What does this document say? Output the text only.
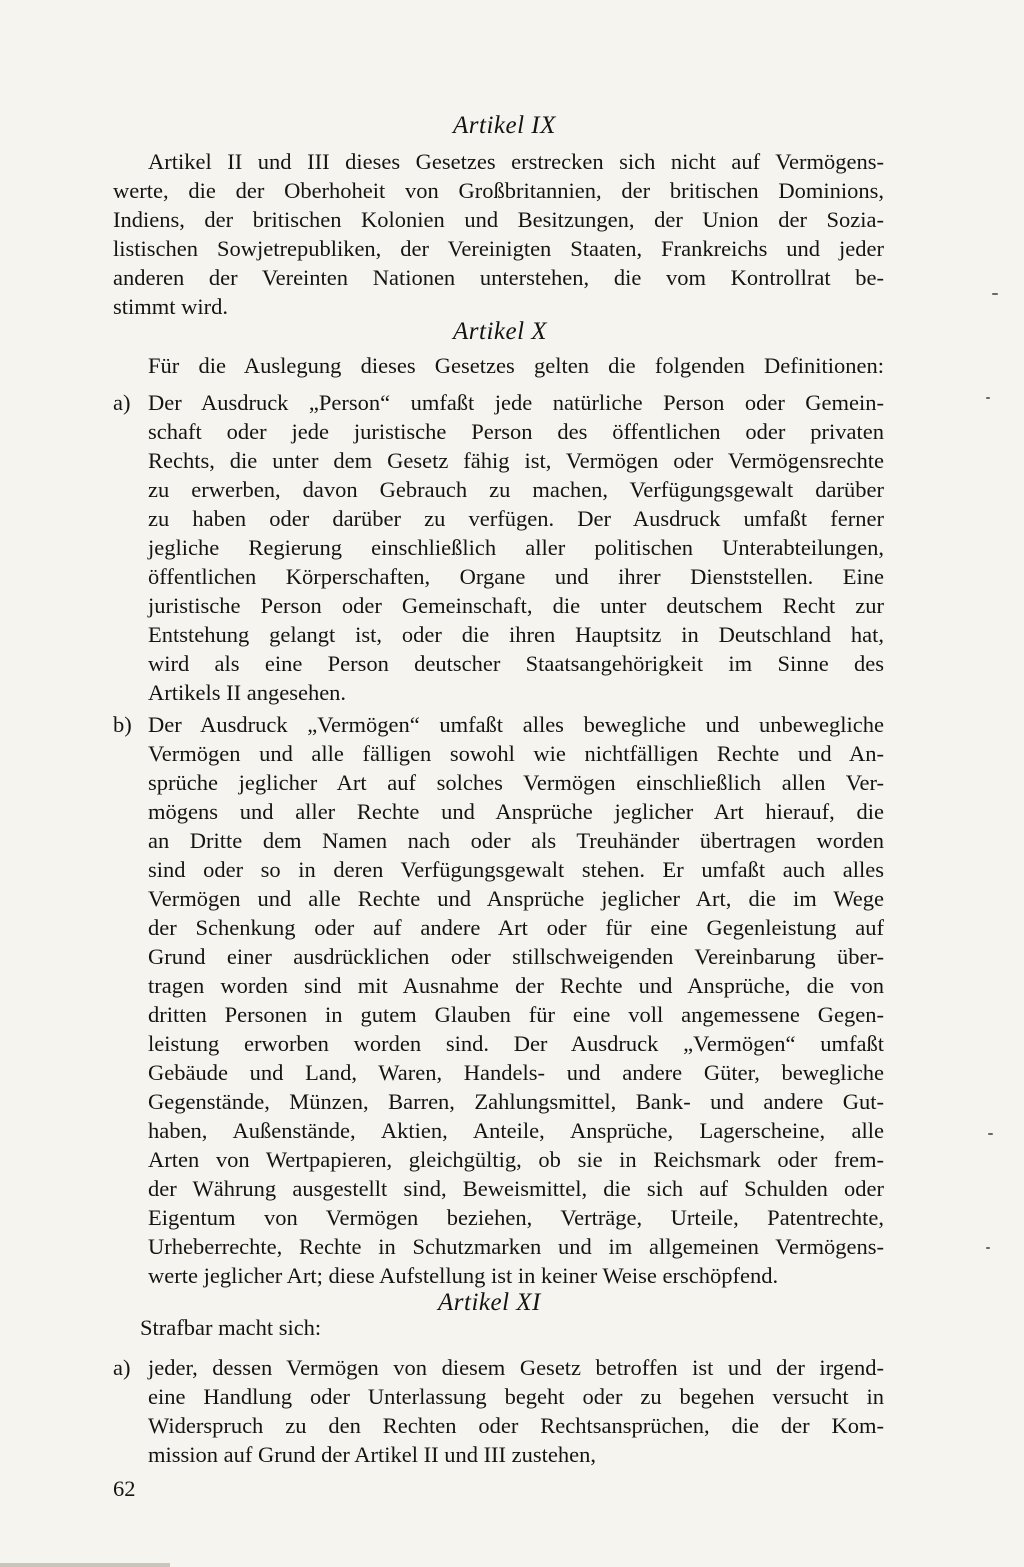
Artikel IX
Artikel II und III dieses Gesetzes erstrecken sich nicht auf Vermögens-
werte, die der Oberhoheit von Großbritannien, der britischen Dominions,
Indiens, der britischen Kolonien und Besitzungen, der Union der Sozia-
listischen Sowjetrepubliken, der Vereinigten Staaten, Frankreichs und jeder
anderen der Vereinten Nationen unterstehen, die vom Kontrollrat be-
stimmt wird.
Artikel X
Für die Auslegung dieses Gesetzes gelten die folgenden Definitionen:
a) Der Ausdruck „Person“ umfaßt jede natürliche Person oder Gemein-
schaft oder jede juristische Person des öffentlichen oder privaten
Rechts, die unter dem Gesetz fähig ist, Vermögen oder Vermögensrechte
zu erwerben, davon Gebrauch zu machen, Verfügungsgewalt darüber
zu haben oder darüber zu verfügen. Der Ausdruck umfaßt ferner
jegliche Regierung einschließlich aller politischen Unterabteilungen,
öffentlichen Körperschaften, Organe und ihrer Dienststellen. Eine
juristische Person oder Gemeinschaft, die unter deutschem Recht zur
Entstehung gelangt ist, oder die ihren Hauptsitz in Deutschland hat,
wird als eine Person deutscher Staatsangehörigkeit im Sinne des
Artikels II angesehen.
b) Der Ausdruck „Vermögen“ umfaßt alles bewegliche und unbewegliche
Vermögen und alle fälligen sowohl wie nichtfälligen Rechte und An-
sprüche jeglicher Art auf solches Vermögen einschließlich allen Ver-
mögens und aller Rechte und Ansprüche jeglicher Art hierauf, die
an Dritte dem Namen nach oder als Treuhänder übertragen worden
sind oder so in deren Verfügungsgewalt stehen. Er umfaßt auch alles
Vermögen und alle Rechte und Ansprüche jeglicher Art, die im Wege
der Schenkung oder auf andere Art oder für eine Gegenleistung auf
Grund einer ausdrücklichen oder stillschweigenden Vereinbarung über-
tragen worden sind mit Ausnahme der Rechte und Ansprüche, die von
dritten Personen in gutem Glauben für eine voll angemessene Gegen-
leistung erworben worden sind. Der Ausdruck „Vermögen“ umfaßt
Gebäude und Land, Waren, Handels- und andere Güter, bewegliche
Gegenstände, Münzen, Barren, Zahlungsmittel, Bank- und andere Gut-
haben, Außenstände, Aktien, Anteile, Ansprüche, Lagerscheine, alle
Arten von Wertpapieren, gleichgültig, ob sie in Reichsmark oder frem-
der Währung ausgestellt sind, Beweismittel, die sich auf Schulden oder
Eigentum von Vermögen beziehen, Verträge, Urteile, Patentrechte,
Urheberrechte, Rechte in Schutzmarken und im allgemeinen Vermögens-
werte jeglicher Art; diese Aufstellung ist in keiner Weise erschöpfend.
Artikel XI
Strafbar macht sich:
a) jeder, dessen Vermögen von diesem Gesetz betroffen ist und der irgend-
eine Handlung oder Unterlassung begeht oder zu begehen versucht in
Widerspruch zu den Rechten oder Rechtsansprüchen, die der Kom-
mission auf Grund der Artikel II und III zustehen,
62
